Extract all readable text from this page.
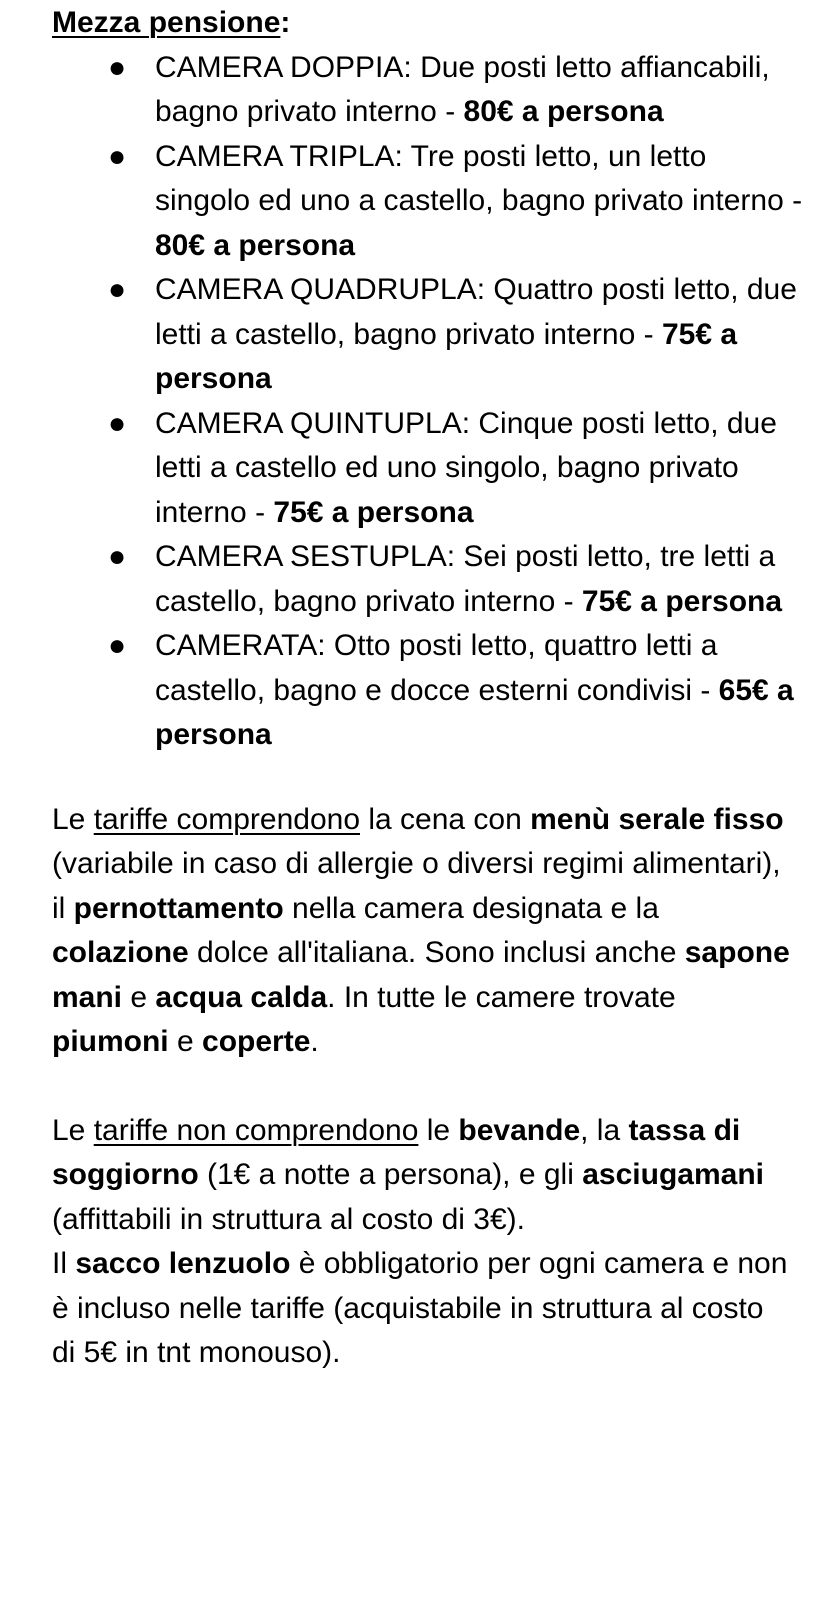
Mezza pensione:
● CAMERA DOPPIA: Due posti letto affiancabili, bagno privato interno - 80€ a persona
● CAMERA TRIPLA: Tre posti letto, un letto singolo ed uno a castello, bagno privato interno - 80€ a persona
● CAMERA QUADRUPLA: Quattro posti letto, due letti a castello, bagno privato interno - 75€ a persona
● CAMERA QUINTUPLA: Cinque posti letto, due letti a castello ed uno singolo, bagno privato interno - 75€ a persona
● CAMERA SESTUPLA: Sei posti letto, tre letti a castello, bagno privato interno - 75€ a persona
● CAMERATA: Otto posti letto, quattro letti a castello, bagno e docce esterni condivisi - 65€ a persona

Le tariffe comprendono la cena con menù serale fisso (variabile in caso di allergie o diversi regimi alimentari), il pernottamento nella camera designata e la colazione dolce all'italiana. Sono inclusi anche sapone mani e acqua calda. In tutte le camere trovate piumoni e coperte.

Le tariffe non comprendono le bevande, la tassa di soggiorno (1€ a notte a persona), e gli asciugamani (affittabili in struttura al costo di 3€).

Il sacco lenzuolo è obbligatorio per ogni camera e non è incluso nelle tariffe (acquistabile in struttura al costo di 5€ in tnt monouso).
